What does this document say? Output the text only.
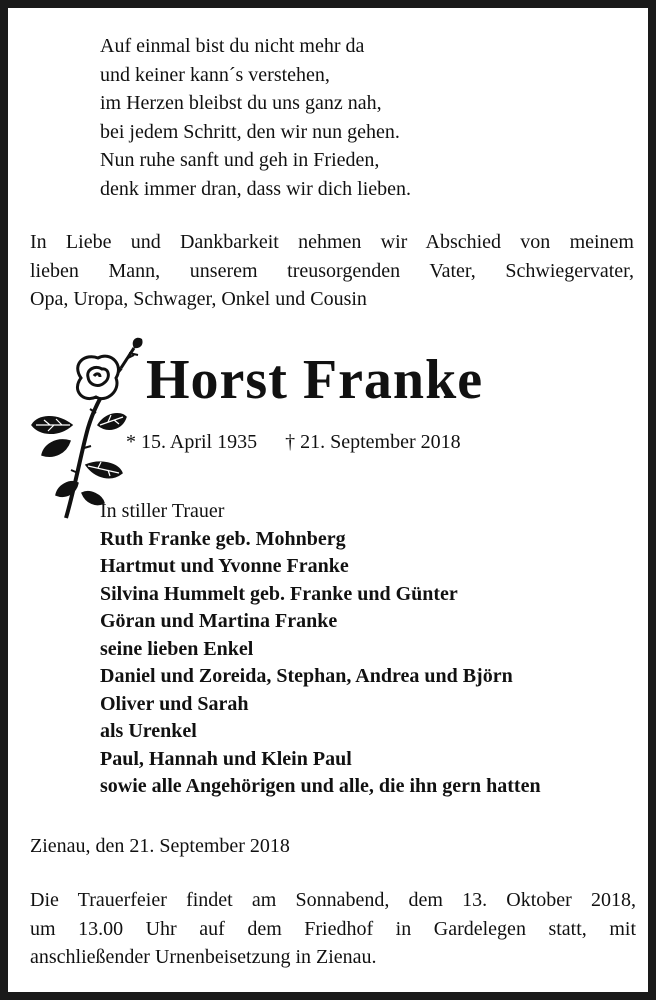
Auf einmal bist du nicht mehr da
und keiner kann´s verstehen,
im Herzen bleibst du uns ganz nah,
bei jedem Schritt, den wir nun gehen.
Nun ruhe sanft und geh in Frieden,
denk immer dran, dass wir dich lieben.
In Liebe und Dankbarkeit nehmen wir Abschied von meinem
lieben Mann, unserem treusorgenden Vater, Schwiegervater,
Opa, Uropa, Schwager, Onkel und Cousin
Horst Franke
* 15. April 1935 † 21. September 2018
In stiller Trauer
Ruth Franke geb. Mohnberg
Hartmut und Yvonne Franke
Silvina Hummelt geb. Franke und Günter
Göran und Martina Franke
seine lieben Enkel
Daniel und Zoreida, Stephan, Andrea und Björn
Oliver und Sarah
als Urenkel
Paul, Hannah und Klein Paul
sowie alle Angehörigen und alle, die ihn gern hatten
Zienau, den 21. September 2018
Die Trauerfeier findet am Sonnabend, dem 13. Oktober 2018,
um 13.00 Uhr auf dem Friedhof in Gardelegen statt, mit
anschließender Urnenbeisetzung in Zienau.
